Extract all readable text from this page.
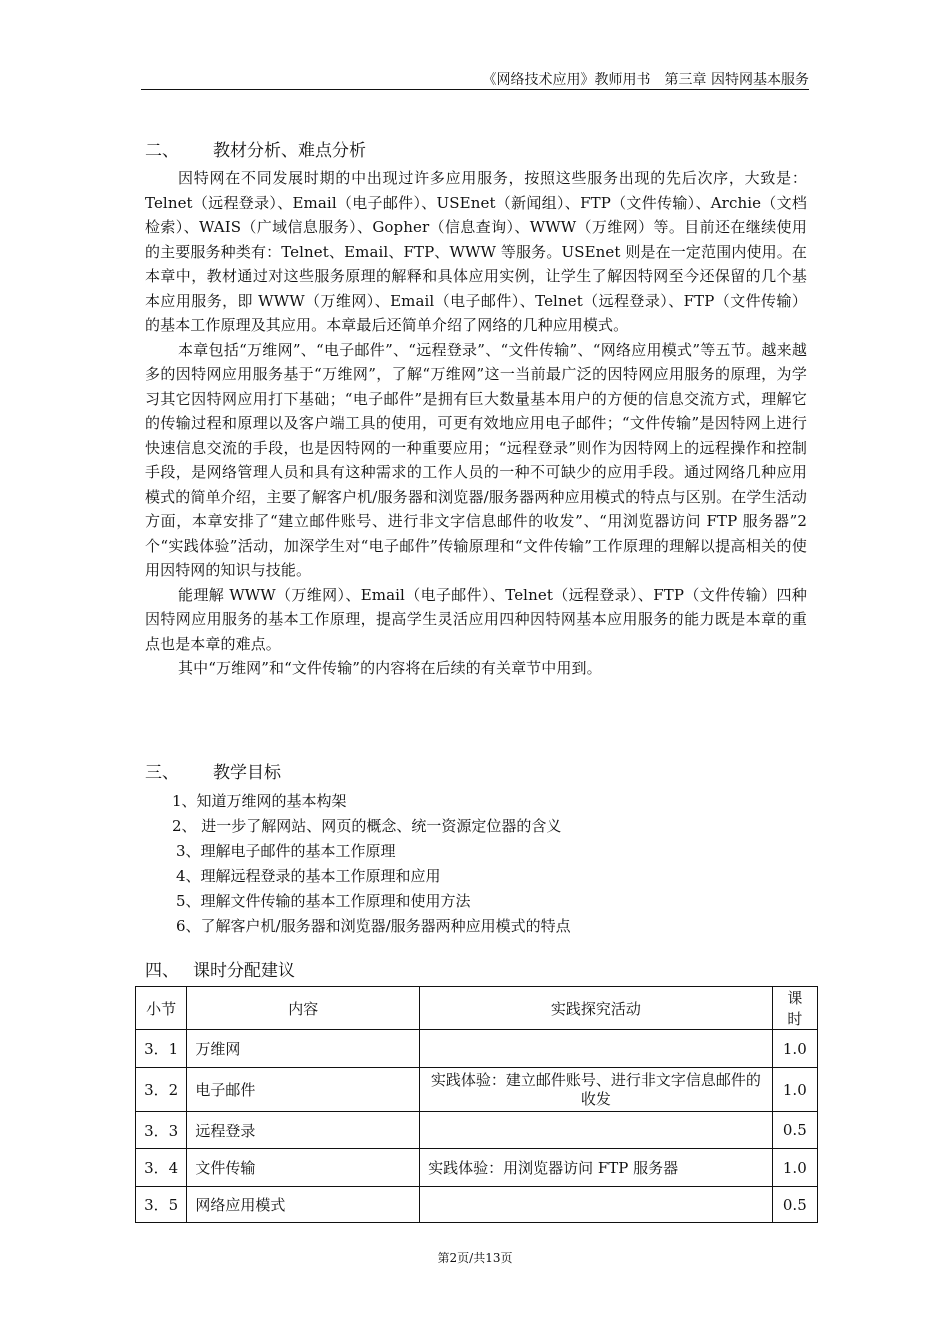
《网络技术应用》教师用书　第三章 因特网基本服务
二、 教材分析、难点分析

因特网在不同发展时期的中出现过许多应用服务，按照这些服务出现的先后次序，大致是：Telnet（远程登录）、Email（电子邮件）、USEnet（新闻组）、FTP（文件传输）、Archie（文档检索）、WAIS（广域信息服务）、Gopher（信息查询）、WWW（万维网）等。目前还在继续使用的主要服务种类有：Telnet、Email、FTP、WWW 等服务。USEnet 则是在一定范围内使用。在本章中，教材通过对这些服务原理的解释和具体应用实例，让学生了解因特网至今还保留的几个基本应用服务，即 WWW（万维网）、Email（电子邮件）、Telnet（远程登录）、FTP（文件传输）的基本工作原理及其应用。本章最后还简单介绍了网络的几种应用模式。

本章包括“万维网”、“电子邮件”、“远程登录”、“文件传输”、“网络应用模式”等五节。越来越多的因特网应用服务基于“万维网”，了解“万维网”这一当前最广泛的因特网应用服务的原理，为学习其它因特网应用打下基础；“电子邮件”是拥有巨大数量基本用户的方便的信息交流方式，理解它的传输过程和原理以及客户端工具的使用，可更有效地应用电子邮件；“文件传输”是因特网上进行快速信息交流的手段，也是因特网的一种重要应用；“远程登录”则作为因特网上的远程操作和控制手段，是网络管理人员和具有这种需求的工作人员的一种不可缺少的应用手段。通过网络几种应用模式的简单介绍，主要了解客户机/服务器和浏览器/服务器两种应用模式的特点与区别。在学生活动方面，本章安排了“建立邮件账号、进行非文字信息邮件的收发”、“用浏览器访问 FTP 服务器”2 个“实践体验”活动，加深学生对“电子邮件”传输原理和“文件传输”工作原理的理解以提高相关的使用因特网的知识与技能。

能理解 WWW（万维网）、Email（电子邮件）、Telnet（远程登录）、FTP（文件传输）四种因特网应用服务的基本工作原理，提高学生灵活应用四种因特网基本应用服务的能力既是本章的重点也是本章的难点。

其中“万维网”和“文件传输”的内容将在后续的有关章节中用到。

三、 教学目标
1、知道万维网的基本构架
2、 进一步了解网站、网页的概念、统一资源定位器的含义
3、理解电子邮件的基本工作原理
4、理解远程登录的基本工作原理和应用
5、理解文件传输的基本工作原理和使用方法
6、了解客户机/服务器和浏览器/服务器两种应用模式的特点
四、 课时分配建议
小节	内容	实践探究活动	课时
3．1	万维网		1.0
3．2	电子邮件	实践体验：建立邮件账号、进行非文字信息邮件的收发	1.0
3．3	远程登录		0.5
3．4	文件传输	实践体验：用浏览器访问 FTP 服务器	1.0
3．5	网络应用模式		0.5
第2页/共13页
